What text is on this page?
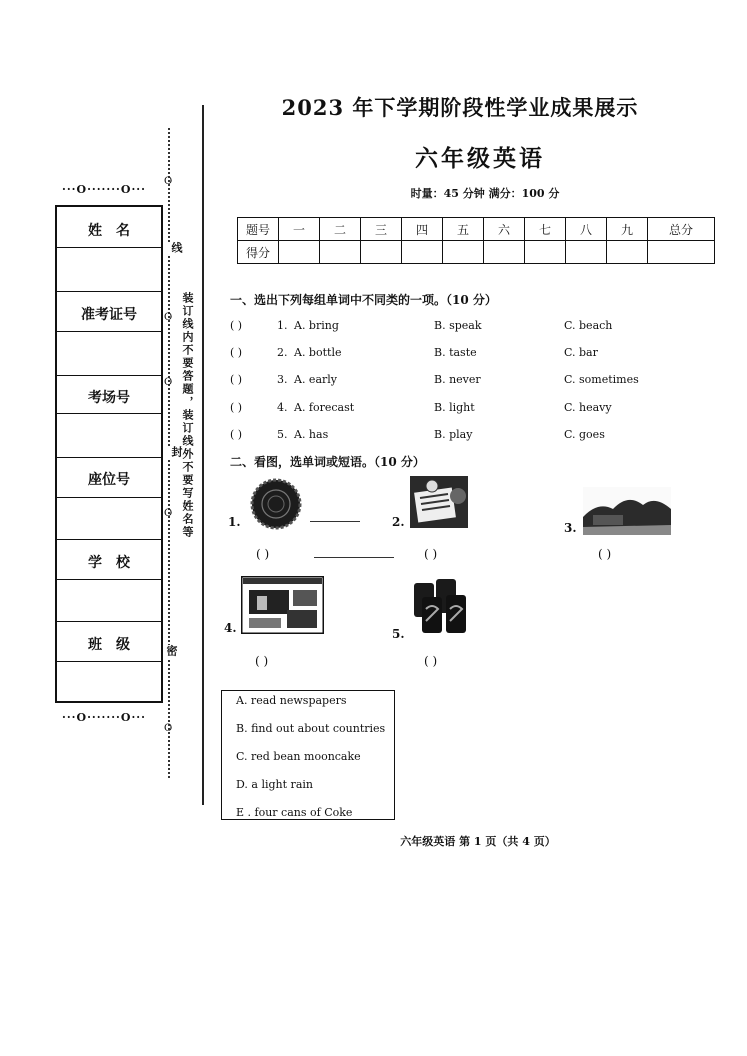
···O·······O···
···O·······O···
姓　名
准考证号
考场号
座位号
学　校
班　级
O
O
O
O
O
线
封
密
装订线内不要答题，装订线外不要写姓名等
2023 年下学期阶段性学业成果展示
六年级英语
时量：45 分钟 满分：100 分
题号	一	二	三	四	五	六	七	八	九	总分
得分										
一、选出下列每组单词中不同类的一项。（10 分）
( )	1. A. bring	B. speak	C. beach
( )	2. A. bottle	B. taste	C. bar
( )	3. A. early	B. never	C. sometimes
( )	4. A. forecast	B. light	C. heavy
( )	5. A. has	B. play	C. goes
二、看图，选单词或短语。（10 分）
1.
( )
2.
( )
3.
( )
4.
( )
5.
( )
A. read newspapers
B. find out about countries
C. red bean mooncake
D. a light rain
E . four cans of Coke
六年级英语 第 1 页（共 4 页）
